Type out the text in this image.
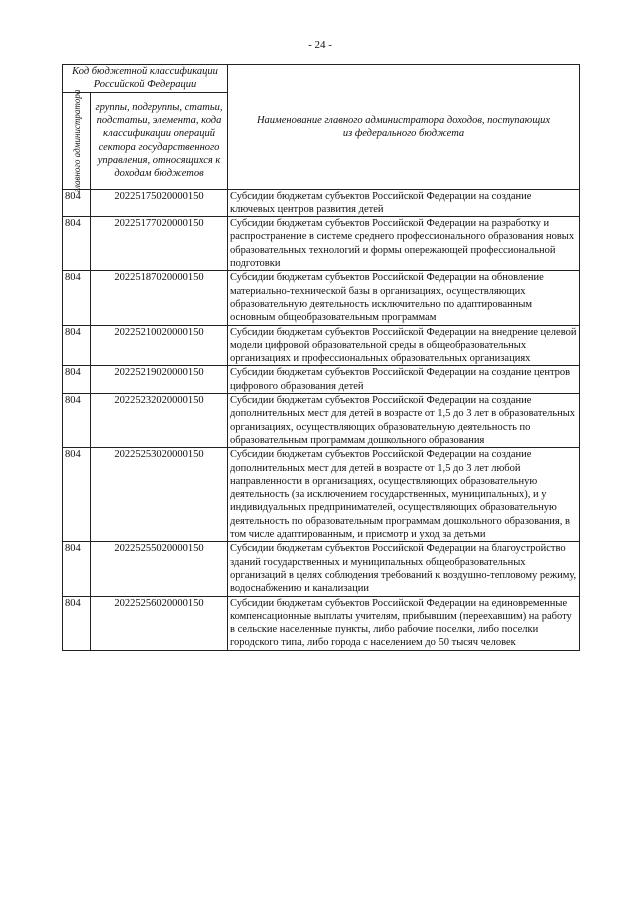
- 24 -
Код бюджетной классификации Российской Федерации		Наименование главного администратора доходов, поступающих из федерального бюджета

главного администратора	группы, подгруппы, статьи, подстатьи, элемента, кода классификации операций сектора государственного управления, относящихся к доходам бюджетов	
804	20225175020000150	Субсидии бюджетам субъектов Российской Федерации на создание ключевых центров развития детей
804	20225177020000150	Субсидии бюджетам субъектов Российской Федерации на разработку и распространение в системе среднего профессионального образования новых образовательных технологий и формы опережающей профессиональной подготовки
804	20225187020000150	Субсидии бюджетам субъектов Российской Федерации на обновление материально-технической базы в организациях, осуществляющих образовательную деятельность исключительно по адаптированным основным общеобразовательным программам
804	20225210020000150	Субсидии бюджетам субъектов Российской Федерации на внедрение целевой модели цифровой образовательной среды в общеобразовательных организациях и профессиональных образовательных организациях
804	20225219020000150	Субсидии бюджетам субъектов Российской Федерации на создание центров цифрового образования детей
804	20225232020000150	Субсидии бюджетам субъектов Российской Федерации на создание дополнительных мест для детей в возрасте от 1,5 до 3 лет в образовательных организациях, осуществляющих образовательную деятельность по образовательным программам дошкольного образования
804	20225253020000150	Субсидии бюджетам субъектов Российской Федерации на создание дополнительных мест для детей в возрасте от 1,5 до 3 лет любой направленности в организациях, осуществляющих образовательную деятельность (за исключением государственных, муниципальных), и у индивидуальных предпринимателей, осуществляющих образовательную деятельность по образовательным программам дошкольного образования, в том числе адаптированным, и присмотр и уход за детьми
804	20225255020000150	Субсидии бюджетам субъектов Российской Федерации на благоустройство зданий государственных и муниципальных общеобразовательных организаций в целях соблюдения требований к воздушно-тепловому режиму, водоснабжению и канализации
804	20225256020000150	Субсидии бюджетам субъектов Российской Федерации на единовременные компенсационные выплаты учителям, прибывшим (переехавшим) на работу в сельские населенные пункты, либо рабочие поселки, либо поселки городского типа, либо города с населением до 50 тысяч человек
